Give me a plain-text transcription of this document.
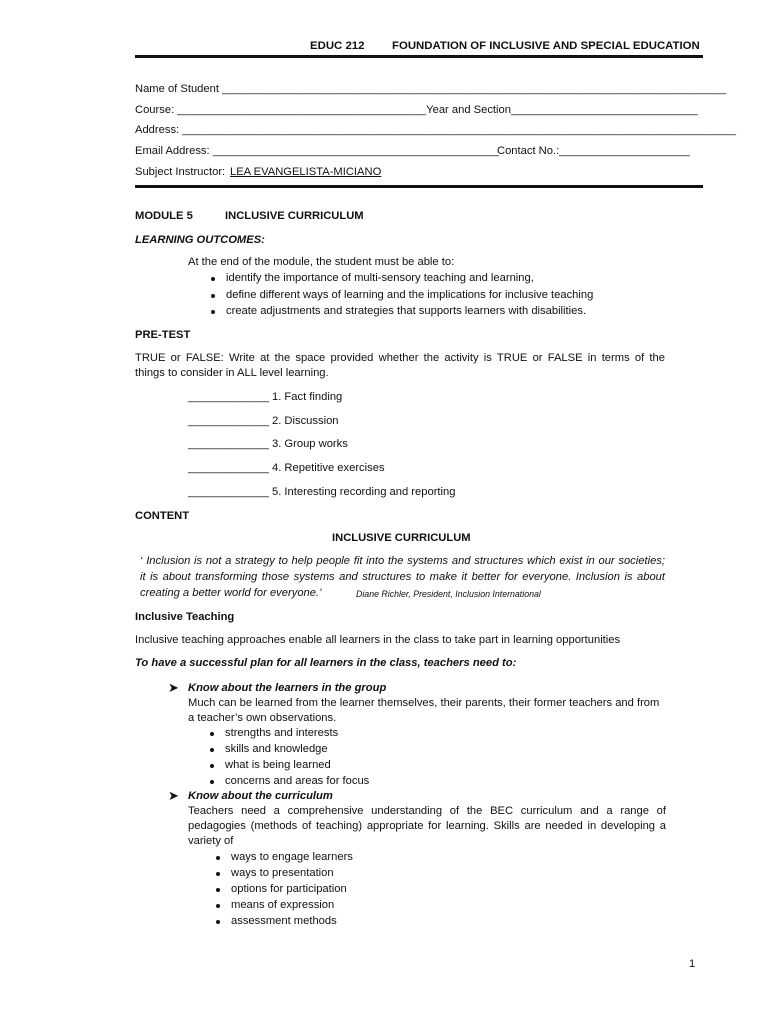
EDUC 212 FOUNDATION OF INCLUSIVE AND SPECIAL EDUCATION
Name of Student _________________________________________________________________________________
Course: ________________________________________Year and Section______________________________
Address: _________________________________________________________________________________________
Email Address: ______________________________________________
Contact No.:_____________________
Subject Instructor: LEA EVANGELISTA-MICIANO
MODULE 5	INCLUSIVE CURRICULUM
LEARNING OUTCOMES:
At the end of the module, the student must be able to:
identify the importance of multi-sensory teaching and learning,
define different ways of learning and the implications for inclusive teaching
create adjustments and strategies that supports learners with disabilities.
PRE-TEST
TRUE or FALSE: Write at the space provided whether the activity is TRUE or FALSE in terms of the
things to consider in ALL level learning.
_____________ 1. Fact finding
_____________ 2. Discussion
_____________ 3. Group works
_____________ 4. Repetitive exercises
_____________ 5. Interesting recording and reporting
CONTENT
INCLUSIVE CURRICULUM
‘ Inclusion is not a strategy to help people fit into the systems and structures which exist in our societies;
it is about transforming those systems and structures to make it better for everyone. Inclusion is about
creating a better world for everyone.’	Diane Richler, President, Inclusion International
Inclusive Teaching
Inclusive teaching approaches enable all learners in the class to take part in learning opportunities
To have a successful plan for all learners in the class, teachers need to:
➤ Know about the learners in the group
Much can be learned from the learner themselves, their parents, their former teachers and from
a teacher’s own observations.
strengths and interests
skills and knowledge
what is being learned
concerns and areas for focus
➤ Know about the curriculum
Teachers need a comprehensive understanding of the BEC curriculum and a range of
pedagogies (methods of teaching) appropriate for learning. Skills are needed in developing a
variety of
ways to engage learners
ways to presentation
options for participation
means of expression
assessment methods
1
